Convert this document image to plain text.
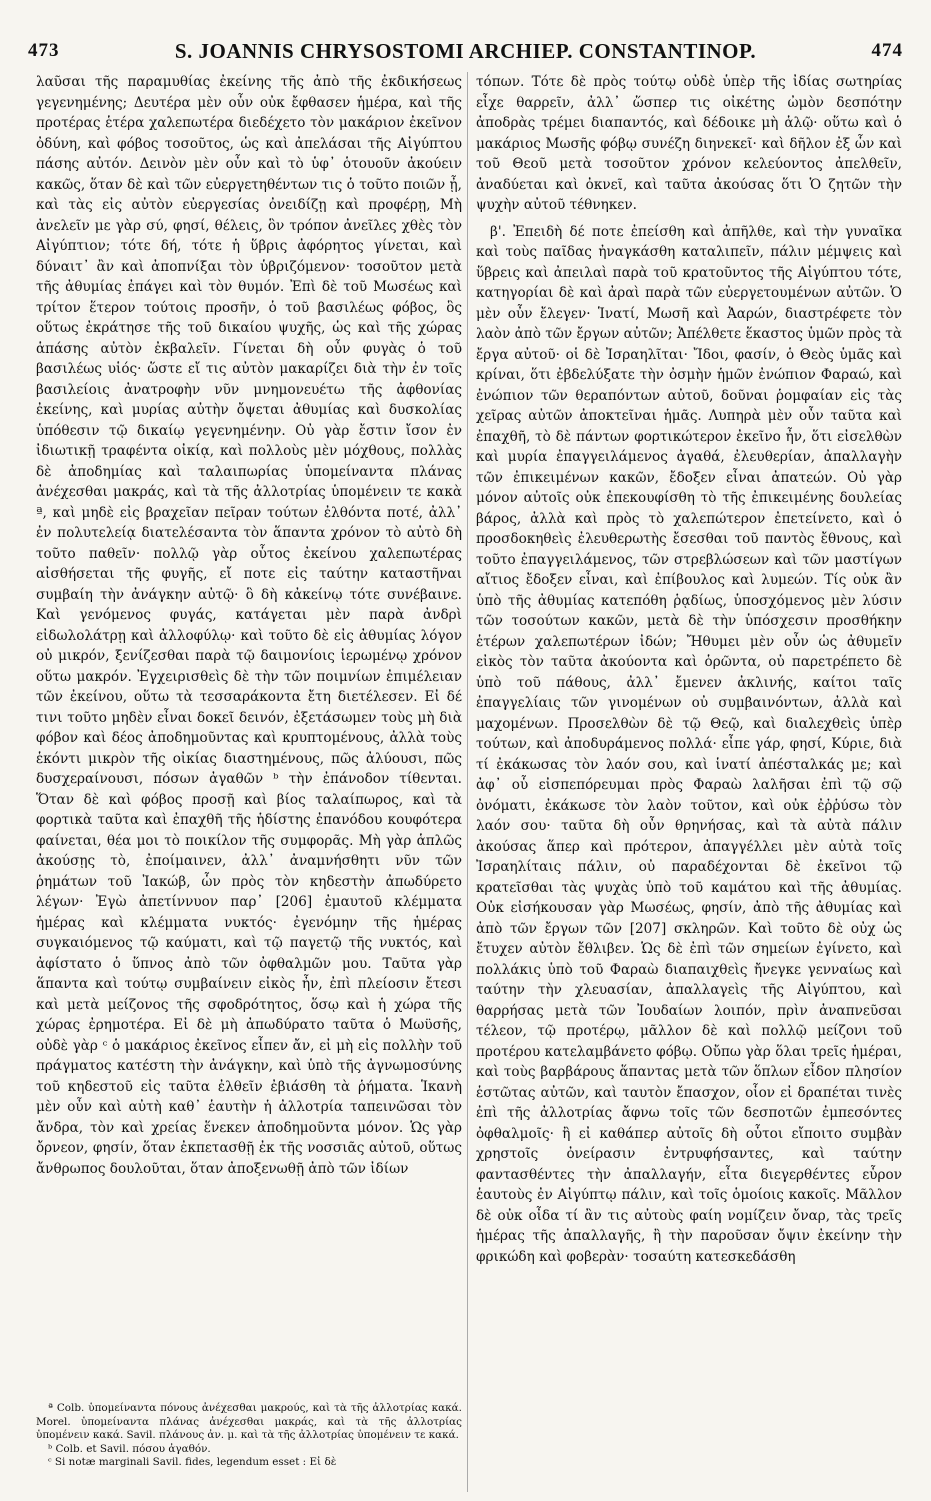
473	S. JOANNIS CHRYSOSTOMI ARCHIEP. CONSTANTINOP.	474

λαῦσαι τῆς παραμυθίας ἐκείνης τῆς ἀπὸ τῆς ἐκδικήσεως γεγενημένης; Δευτέρα μὲν οὖν οὐκ ἔφθασεν ἡμέρα, καὶ τῆς προτέρας ἑτέρα χαλεπωτέρα διεδέχετο τὸν μακάριον ἐκεῖνον ὀδύνη, καὶ φόβος τοσοῦτος, ὡς καὶ ἀπελάσαι τῆς Αἰγύπτου πάσης αὐτόν. Δεινὸν μὲν οὖν καὶ τὸ ὑφ᾽ ὁτουοῦν ἀκούειν κακῶς, ὅταν δὲ καὶ τῶν εὐεργετηθέντων τις ὁ τοῦτο ποιῶν ᾖ, καὶ τὰς εἰς αὐτὸν εὐεργεσίας ὀνειδίζῃ καὶ προφέρῃ, Μὴ ἀνελεῖν με γὰρ σύ, φησί, θέλεις, ὃν τρόπον ἀνεῖλες χθὲς τὸν Αἰγύπτιον; τότε δή, τότε ἡ ὕβρις ἀφόρητος γίνεται, καὶ δύναιτ᾽ ἂν καὶ ἀποπνίξαι τὸν ὑβριζόμενον· τοσοῦτον μετὰ τῆς ἀθυμίας ἐπάγει καὶ τὸν θυμόν. Ἐπὶ δὲ τοῦ Μωσέως καὶ τρίτον ἕτερον τούτοις προσῆν, ὁ τοῦ βασιλέως φόβος, ὃς οὕτως ἐκράτησε τῆς τοῦ δικαίου ψυχῆς, ὡς καὶ τῆς χώρας ἁπάσης αὐτὸν ἐκβαλεῖν. Γίνεται δὴ οὖν φυγὰς ὁ τοῦ βασιλέως υἱός· ὥστε εἴ τις αὐτὸν μακαρίζει διὰ τὴν ἐν τοῖς βασιλείοις ἀνατροφὴν νῦν μνημονευέτω τῆς ἀφθονίας ἐκείνης, καὶ μυρίας αὐτὴν ὄψεται ἀθυμίας καὶ δυσκολίας ὑπόθεσιν τῷ δικαίῳ γεγενημένην. Οὐ γὰρ ἔστιν ἴσον ἐν ἰδιωτικῇ τραφέντα οἰκίᾳ, καὶ πολλοὺς μὲν μόχθους, πολλὰς δὲ ἀποδημίας καὶ ταλαιπωρίας ὑπομείναντα πλάνας ἀνέχεσθαι μακράς, καὶ τὰ τῆς ἀλλοτρίας ὑπομένειν τε κακὰ ª, καὶ μηδὲ εἰς βραχεῖαν πεῖραν τούτων ἐλθόντα ποτέ, ἀλλ᾽ ἐν πολυτελείᾳ διατελέσαντα τὸν ἅπαντα χρόνον τὸ αὐτὸ δὴ τοῦτο παθεῖν· πολλῷ γὰρ οὗτος ἐκείνου χαλεπωτέρας αἰσθήσεται τῆς φυγῆς, εἴ ποτε εἰς ταύτην καταστῆναι συμβαίη τὴν ἀνάγκην αὐτῷ· ὃ δὴ κἀκείνῳ τότε συνέβαινε. Καὶ γενόμενος φυγάς, κατάγεται μὲν παρὰ ἀνδρὶ εἰδωλολάτρῃ καὶ ἀλλοφύλῳ· καὶ τοῦτο δὲ εἰς ἀθυμίας λόγον οὐ μικρόν, ξενίζεσθαι παρὰ τῷ δαιμονίοις ἱερωμένῳ χρόνον οὕτω μακρόν. Ἐγχειρισθεὶς δὲ τὴν τῶν ποιμνίων ἐπιμέλειαν τῶν ἐκείνου, οὕτω τὰ τεσσαράκοντα ἔτη διετέλεσεν. Εἰ δέ τινι τοῦτο μηδὲν εἶναι δοκεῖ δεινόν, ἐξετάσωμεν τοὺς μὴ διὰ φόβον καὶ δέος ἀποδημοῦντας καὶ κρυπτομένους, ἀλλὰ τοὺς ἑκόντι μικρὸν τῆς οἰκίας διαστημένους, πῶς ἀλύουσι, πῶς δυσχεραίνουσι, πόσων ἀγαθῶν ᵇ τὴν ἐπάνοδον τίθενται. Ὅταν δὲ καὶ φόβος προσῇ καὶ βίος ταλαίπωρος, καὶ τὰ φορτικὰ ταῦτα καὶ ἐπαχθῆ τῆς ἡδίστης ἐπανόδου κουφότερα φαίνεται, θέα μοι τὸ ποικίλον τῆς συμφορᾶς. Μὴ γὰρ ἁπλῶς ἀκούσῃς τὸ, ἐποίμαινεν, ἀλλ᾽ ἀναμνήσθητι νῦν τῶν ῥημάτων τοῦ Ἰακώβ, ὧν πρὸς τὸν κηδεστὴν ἀπωδύρετο λέγων· Ἐγὼ ἀπετίννυον παρ᾽ [206] ἐμαυτοῦ κλέμματα ἡμέρας καὶ κλέμματα νυκτός· ἐγενόμην τῆς ἡμέρας συγκαιόμενος τῷ καύματι, καὶ τῷ παγετῷ τῆς νυκτός, καὶ ἀφίστατο ὁ ὕπνος ἀπὸ τῶν ὀφθαλμῶν μου. Ταῦτα γὰρ ἅπαντα καὶ τούτῳ συμβαίνειν εἰκὸς ἦν, ἐπὶ πλείοσιν ἔτεσι καὶ μετὰ μείζονος τῆς σφοδρότητος, ὅσῳ καὶ ἡ χώρα τῆς χώρας ἐρημοτέρα. Εἰ δὲ μὴ ἀπωδύρατο ταῦτα ὁ Μωϋσῆς, οὐδὲ γὰρ ᶜ ὁ μακάριος ἐκεῖνος εἶπεν ἄν, εἰ μὴ εἰς πολλὴν τοῦ πράγματος κατέστη τὴν ἀνάγκην, καὶ ὑπὸ τῆς ἀγνωμοσύνης τοῦ κηδεστοῦ εἰς ταῦτα ἐλθεῖν ἐβιάσθη τὰ ῥήματα. Ἱκανὴ μὲν οὖν καὶ αὐτὴ καθ᾽ ἑαυτὴν ἡ ἀλλοτρία ταπεινῶσαι τὸν ἄνδρα, τὸν καὶ χρείας ἕνεκεν ἀποδημοῦντα μόνον. Ὡς γὰρ ὄρνεον, φησίν, ὅταν ἐκπετασθῇ ἐκ τῆς νοσσιᾶς αὐτοῦ, οὕτως ἄνθρωπος δουλοῦται, ὅταν ἀποξενωθῇ ἀπὸ τῶν ἰδίων

τόπων. Τότε δὲ πρὸς τούτῳ οὐδὲ ὑπὲρ τῆς ἰδίας σωτηρίας εἶχε θαρρεῖν, ἀλλ᾽ ὥσπερ τις οἰκέτης ὠμὸν δεσπότην ἀποδρὰς τρέμει διαπαντός, καὶ δέδοικε μὴ ἁλῷ· οὕτω καὶ ὁ μακάριος Μωσῆς φόβῳ συνέζη διηνεκεῖ· καὶ δῆλον ἐξ ὧν καὶ τοῦ Θεοῦ μετὰ τοσοῦτον χρόνον κελεύοντος ἀπελθεῖν, ἀναδύεται καὶ ὀκνεῖ, καὶ ταῦτα ἀκούσας ὅτι Ὁ ζητῶν τὴν ψυχὴν αὐτοῦ τέθνηκεν.

β'. Ἐπειδὴ δέ ποτε ἐπείσθη καὶ ἀπῆλθε, καὶ τὴν γυναῖκα καὶ τοὺς παῖδας ἠναγκάσθη καταλιπεῖν, πάλιν μέμψεις καὶ ὕβρεις καὶ ἀπειλαὶ παρὰ τοῦ κρατοῦντος τῆς Αἰγύπτου τότε, κατηγορίαι δὲ καὶ ἀραὶ παρὰ τῶν εὐεργετουμένων αὐτῶν. Ὁ μὲν οὖν ἔλεγεν· Ἱνατί, Μωσῆ καὶ Ἀαρών, διαστρέφετε τὸν λαὸν ἀπὸ τῶν ἔργων αὐτῶν; Ἀπέλθετε ἕκαστος ὑμῶν πρὸς τὰ ἔργα αὐτοῦ· οἱ δὲ Ἰσραηλῖται· Ἴδοι, φασίν, ὁ Θεὸς ὑμᾶς καὶ κρίναι, ὅτι ἐβδελύξατε τὴν ὀσμὴν ἡμῶν ἐνώπιον Φαραώ, καὶ ἐνώπιον τῶν θεραπόντων αὐτοῦ, δοῦναι ῥομφαίαν εἰς τὰς χεῖρας αὐτῶν ἀποκτεῖναι ἡμᾶς. Λυπηρὰ μὲν οὖν ταῦτα καὶ ἐπαχθῆ, τὸ δὲ πάντων φορτικώτερον ἐκεῖνο ἦν, ὅτι εἰσελθὼν καὶ μυρία ἐπαγγειλάμενος ἀγαθά, ἐλευθερίαν, ἀπαλλαγὴν τῶν ἐπικειμένων κακῶν, ἔδοξεν εἶναι ἀπατεών. Οὐ γὰρ μόνον αὐτοῖς οὐκ ἐπεκουφίσθη τὸ τῆς ἐπικειμένης δουλείας βάρος, ἀλλὰ καὶ πρὸς τὸ χαλεπώτερον ἐπετείνετο, καὶ ὁ προσδοκηθεὶς ἐλευθερωτὴς ἔσεσθαι τοῦ παντὸς ἔθνους, καὶ τοῦτο ἐπαγγειλάμενος, τῶν στρεβλώσεων καὶ τῶν μαστίγων αἴτιος ἔδοξεν εἶναι, καὶ ἐπίβουλος καὶ λυμεών. Τίς οὐκ ἂν ὑπὸ τῆς ἀθυμίας κατεπόθη ῥᾳδίως, ὑποσχόμενος μὲν λύσιν τῶν τοσούτων κακῶν, μετὰ δὲ τὴν ὑπόσχεσιν προσθήκην ἑτέρων χαλεπωτέρων ἰδών; Ἤθυμει μὲν οὖν ὡς ἀθυμεῖν εἰκὸς τὸν ταῦτα ἀκούοντα καὶ ὁρῶντα, οὐ παρετρέπετο δὲ ὑπὸ τοῦ πάθους, ἀλλ᾽ ἔμενεν ἀκλινής, καίτοι ταῖς ἐπαγγελίαις τῶν γινομένων οὐ συμβαινόντων, ἀλλὰ καὶ μαχομένων. Προσελθὼν δὲ τῷ Θεῷ, καὶ διαλεχθεὶς ὑπὲρ τούτων, καὶ ἀποδυράμενος πολλά· εἶπε γάρ, φησί, Κύριε, διὰ τί ἐκάκωσας τὸν λαόν σου, καὶ ἱνατί ἀπέσταλκάς με; καὶ ἀφ᾽ οὗ εἰσπεπόρευμαι πρὸς Φαραὼ λαλῆσαι ἐπὶ τῷ σῷ ὀνόματι, ἐκάκωσε τὸν λαὸν τοῦτον, καὶ οὐκ ἐῤῥύσω τὸν λαόν σου· ταῦτα δὴ οὖν θρηνήσας, καὶ τὰ αὐτὰ πάλιν ἀκούσας ἅπερ καὶ πρότερον, ἀπαγγέλλει μὲν αὐτὰ τοῖς Ἰσραηλίταις πάλιν, οὐ παραδέχονται δὲ ἐκεῖνοι τῷ κρατεῖσθαι τὰς ψυχὰς ὑπὸ τοῦ καμάτου καὶ τῆς ἀθυμίας. Οὐκ εἰσήκουσαν γὰρ Μωσέως, φησίν, ἀπὸ τῆς ἀθυμίας καὶ ἀπὸ τῶν ἔργων τῶν [207] σκληρῶν. Καὶ τοῦτο δὲ οὐχ ὡς ἔτυχεν αὐτὸν ἔθλιβεν. Ὡς δὲ ἐπὶ τῶν σημείων ἐγίνετο, καὶ πολλάκις ὑπὸ τοῦ Φαραὼ διαπαιχθεὶς ἤνεγκε γενναίως καὶ ταύτην τὴν χλευασίαν, ἀπαλλαγεὶς τῆς Αἰγύπτου, καὶ θαρρήσας μετὰ τῶν Ἰουδαίων λοιπόν, πρὶν ἀναπνεῦσαι τέλεον, τῷ προτέρῳ, μᾶλλον δὲ καὶ πολλῷ μείζονι τοῦ προτέρου κατελαμβάνετο φόβῳ. Οὔπω γὰρ ὅλαι τρεῖς ἡμέραι, καὶ τοὺς βαρβάρους ἅπαντας μετὰ τῶν ὅπλων εἶδον πλησίον ἑστῶτας αὐτῶν, καὶ ταυτὸν ἔπασχον, οἷον εἰ δραπέται τινὲς ἐπὶ τῆς ἀλλοτρίας ἄφνω τοῖς τῶν δεσποτῶν ἐμπεσόντες ὀφθαλμοῖς· ἢ εἰ καθάπερ αὐτοῖς δὴ οὗτοι εἴποιτο συμβὰν χρηστοῖς ὀνείρασιν ἐντρυφήσαντες, καὶ ταύτην φαντασθέντες τὴν ἀπαλλαγήν, εἶτα διεγερθέντες εὗρον ἑαυτοὺς ἐν Αἰγύπτῳ πάλιν, καὶ τοῖς ὁμοίοις κακοῖς. Μᾶλλον δὲ οὐκ οἶδα τί ἂν τις αὐτοὺς φαίη νομίζειν ὄναρ, τὰς τρεῖς ἡμέρας τῆς ἀπαλλαγῆς, ἢ τὴν παροῦσαν ὄψιν ἐκείνην τὴν φρικώδη καὶ φοβερὰν· τοσαύτη κατεσκεδάσθη

ª Colb. ὑπομείναντα πόνους ἀνέχεσθαι μακρούς, καὶ τὰ τῆς ἀλλοτρίας κακά. Morel. ὑπομείναντα πλάνας ἀνέχεσθαι μακράς, καὶ τὰ τῆς ἀλλοτρίας ὑπομένειν κακά. Savil. πλάνους ἀν. μ. καὶ τὰ τῆς ἀλλοτρίας ὑπομένειν τε κακά.

ᵇ Colb. et Savil. πόσου ἀγαθόν.

ᶜ Si notæ marginali Savil. fides, legendum esset : Εἰ δὲ
